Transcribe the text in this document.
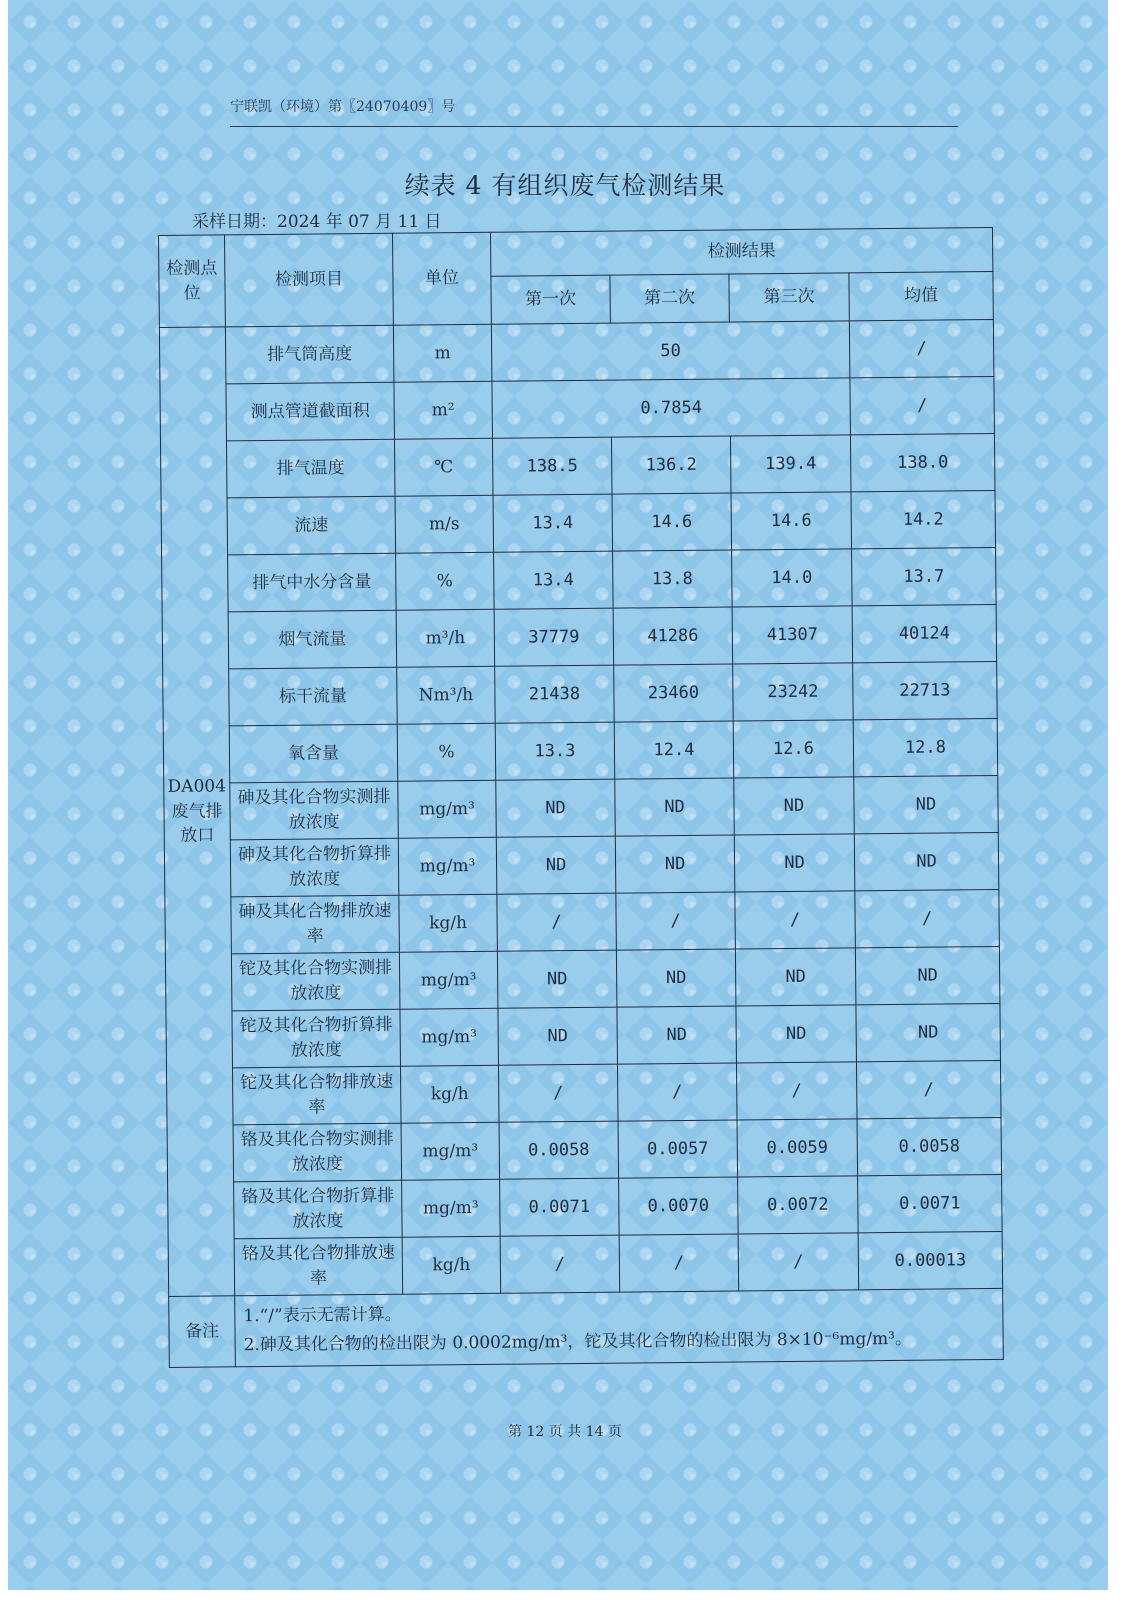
宁联凯（环境）第〖24070409〗号
续表 4 有组织废气检测结果
采样日期：2024 年 07 月 11 日
检测点位	检测项目	单位	检测结果			
			第一次	第二次	第三次	均值
DA004废气排放口	排气筒高度	m	50			/
	测点管道截面积	m²	0.7854			/
	排气温度	℃	138.5	136.2	139.4	138.0
	流速	m/s	13.4	14.6	14.6	14.2
	排气中水分含量	%	13.4	13.8	14.0	13.7
	烟气流量	m³/h	37779	41286	41307	40124
	标干流量	Nm³/h	21438	23460	23242	22713
	氧含量	%	13.3	12.4	12.6	12.8
	砷及其化合物实测排放浓度	mg/m³	ND	ND	ND	ND
	砷及其化合物折算排放浓度	mg/m³	ND	ND	ND	ND
	砷及其化合物排放速率	kg/h	/	/	/	/
	铊及其化合物实测排放浓度	mg/m³	ND	ND	ND	ND
	铊及其化合物折算排放浓度	mg/m³	ND	ND	ND	ND
	铊及其化合物排放速率	kg/h	/	/	/	/
	铬及其化合物实测排放浓度	mg/m³	0.0058	0.0057	0.0059	0.0058
	铬及其化合物折算排放浓度	mg/m³	0.0071	0.0070	0.0072	0.0071
	铬及其化合物排放速率	kg/h	/	/	/	0.00013
备注	1.“/”表示无需计算。
2.砷及其化合物的检出限为 0.0002mg/m³，铊及其化合物的检出限为 8×10⁻⁶mg/m³。					
第 12 页 共 14 页
